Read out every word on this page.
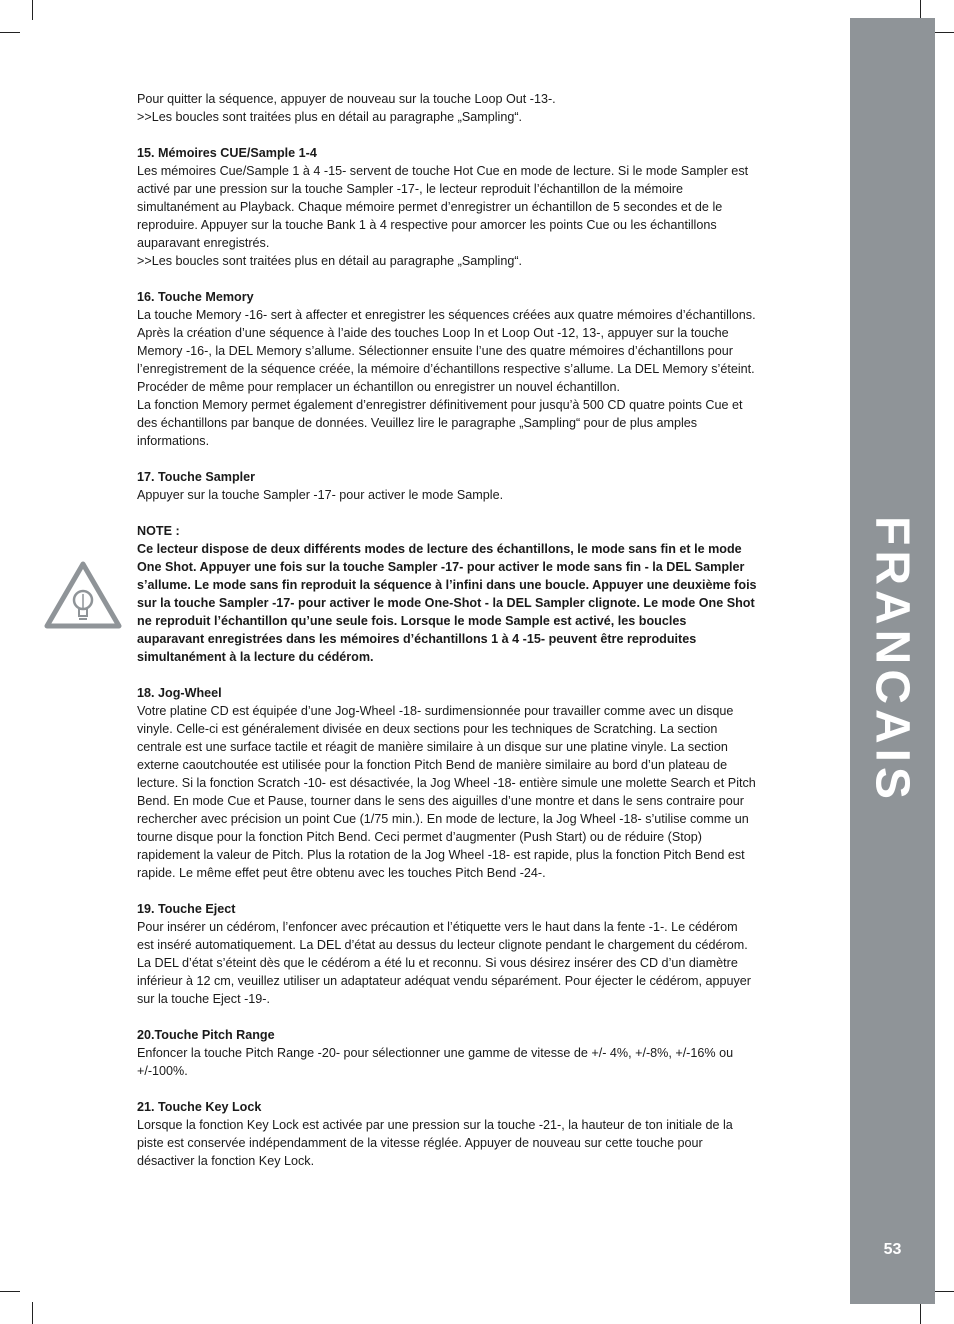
FRANCAIS
53

Pour quitter la séquence, appuyer de nouveau sur la touche Loop Out -13-.

>>Les boucles sont traitées plus en détail au paragraphe „Sampling“.

15. Mémoires CUE/Sample 1-4

Les mémoires Cue/Sample 1 à 4 -15- servent de touche Hot Cue en mode de lecture. Si le mode Sampler est activé par une pression sur la touche Sampler -17-, le lecteur reproduit l’échantillon de la mémoire simultanément au Playback. Chaque mémoire permet d’enregistrer un échantillon de 5 secondes et de le reproduire. Appuyer sur la touche Bank 1 à 4 respective pour amorcer les points Cue ou les échantillons auparavant enregistrés.

>>Les boucles sont traitées plus en détail au paragraphe „Sampling“.

16. Touche Memory

La touche Memory -16- sert à affecter et enregistrer les séquences créées aux quatre mémoires d’échantillons. Après la création d’une séquence à l’aide des touches Loop In et Loop Out -12, 13-, appuyer sur la touche Memory -16-, la DEL Memory s’allume. Sélectionner ensuite l’une des quatre mémoires d’échantillons pour l’enregistrement de la séquence créée, la mémoire d’échantillons respective s’allume. La DEL Memory s’éteint. Procéder de même pour remplacer un échantillon ou enregistrer un nouvel échantillon.

La fonction Memory permet également d’enregistrer définitivement pour jusqu’à 500 CD quatre points Cue et des échantillons par banque de données. Veuillez lire le paragraphe „Sampling“ pour de plus amples informations.

17. Touche Sampler

Appuyer sur la touche Sampler -17- pour activer le mode Sample.

NOTE :

Ce lecteur dispose de deux différents modes de lecture des échantillons, le mode sans fin et le mode One Shot. Appuyer une fois sur la touche Sampler -17- pour activer le mode sans fin - la DEL Sampler s’allume. Le mode sans fin reproduit la séquence à l’infini dans une boucle. Appuyer une deuxième fois sur la touche Sampler -17- pour activer le mode One-Shot - la DEL Sampler clignote. Le mode One Shot ne reproduit l’échantillon qu’une seule fois. Lorsque le mode Sample est activé, les boucles auparavant enregistrées dans les mémoires d’échantillons 1 à 4 -15- peuvent être reproduites simultanément à la lecture du cédérom.

18. Jog-Wheel

Votre platine CD est équipée d’une Jog-Wheel -18- surdimensionnée pour travailler comme avec un disque vinyle. Celle-ci est généralement divisée en deux sections pour les techniques de Scratching. La section centrale est une surface tactile et réagit de manière similaire à un disque sur une platine vinyle. La section externe caoutchoutée est utilisée pour la fonction Pitch Bend de manière similaire au bord d’un plateau de lecture. Si la fonction Scratch -10- est désactivée, la Jog Wheel -18- entière simule une molette Search et Pitch Bend. En mode Cue et Pause, tourner dans le sens des aiguilles d’une montre et dans le sens contraire pour rechercher avec précision un point Cue (1/75 min.). En mode de lecture, la Jog Wheel -18- s’utilise comme un tourne disque pour la fonction Pitch Bend. Ceci permet d’augmenter (Push Start) ou de réduire (Stop) rapidement la valeur de Pitch. Plus la rotation de la Jog Wheel -18- est rapide, plus la fonction Pitch Bend est rapide. Le même effet peut être obtenu avec les touches Pitch Bend -24-.

19. Touche Eject

Pour insérer un cédérom, l’enfoncer avec précaution et l’étiquette vers le haut dans la fente -1-. Le cédérom est inséré automatiquement. La DEL d’état au dessus du lecteur clignote pendant le chargement du cédérom. La DEL d’état s’éteint dès que le cédérom a été lu et reconnu. Si vous désirez insérer des CD d’un diamètre inférieur à 12 cm, veuillez utiliser un adaptateur adéquat vendu séparément. Pour éjecter le cédérom, appuyer sur la touche Eject -19-.

20.Touche Pitch Range

Enfoncer la touche Pitch Range -20- pour sélectionner une gamme de vitesse de +/- 4%, +/-8%, +/-16% ou +/-100%.

21. Touche Key Lock

Lorsque la fonction Key Lock est activée par une pression sur la touche -21-, la hauteur de ton initiale de la piste est conservée indépendamment de la vitesse réglée. Appuyer de nouveau sur cette touche pour désactiver la fonction Key Lock.
